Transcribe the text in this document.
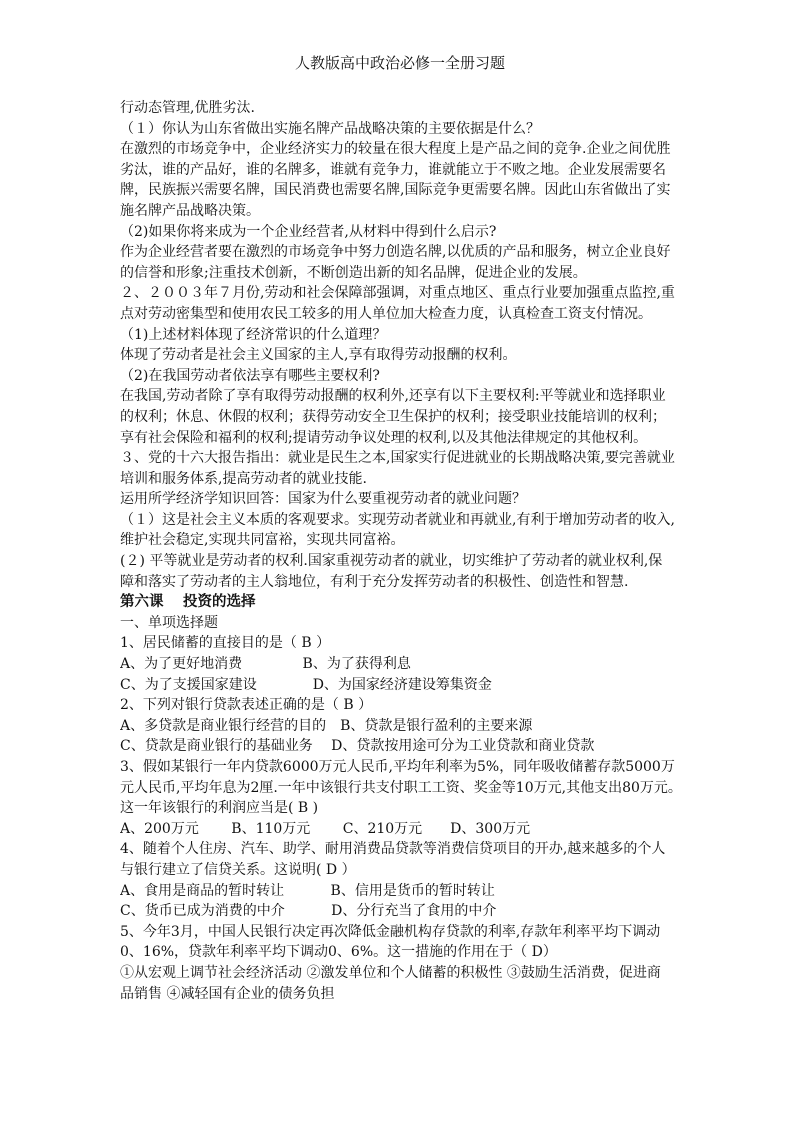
人教版高中政治必修一全册习题
行动态管理,优胜劣汰.
（１）你认为山东省做出实施名牌产品战略决策的主要依据是什么？
在激烈的市场竞争中，企业经济实力的较量在很大程度上是产品之间的竞争.企业之间优胜
劣汰，谁的产品好，谁的名牌多，谁就有竞争力，谁就能立于不败之地。企业发展需要名
牌，民族振兴需要名牌，国民消费也需要名牌,国际竞争更需要名牌。因此山东省做出了实
施名牌产品战略决策。
（2)如果你将来成为一个企业经营者,从材料中得到什么启示?
作为企业经营者要在激烈的市场竞争中努力创造名牌,以优质的产品和服务，树立企业良好
的信誉和形象;注重技术创新，不断创造出新的知名品牌，促进企业的发展。
２、２００３年７月份,劳动和社会保障部强调，对重点地区、重点行业要加强重点监控,重
点对劳动密集型和使用农民工较多的用人单位加大检查力度，认真检查工资支付情况。
（1)上述材料体现了经济常识的什么道理？
体现了劳动者是社会主义国家的主人,享有取得劳动报酬的权利。
（2)在我国劳动者依法享有哪些主要权利?
在我国,劳动者除了享有取得劳动报酬的权利外,还享有以下主要权利:平等就业和选择职业
的权利；休息、休假的权利；获得劳动安全卫生保护的权利；接受职业技能培训的权利；
享有社会保险和福利的权利;提请劳动争议处理的权利,以及其他法律规定的其他权利。
３、党的十六大报告指出：就业是民生之本,国家实行促进就业的长期战略决策,要完善就业
培训和服务体系,提高劳动者的就业技能.
运用所学经济学知识回答：国家为什么要重视劳动者的就业问题？
（１）这是社会主义本质的客观要求。实现劳动者就业和再就业,有利于增加劳动者的收入,
维护社会稳定,实现共同富裕，实现共同富裕。
(２) 平等就业是劳动者的权利.国家重视劳动者的就业，切实维护了劳动者的就业权利,保
障和落实了劳动者的主人翁地位，有利于充分发挥劳动者的积极性、创造性和智慧.
第六课　 投资的选择
一、单项选择题
1、居民储蓄的直接目的是（ B ）
A、为了更好地消费　　　　 B、为了获得利息
C、为了支援国家建设　　　　D、为国家经济建设筹集资金
2、下列对银行贷款表述正确的是（ B ）
A、多贷款是商业银行经营的目的　B、贷款是银行盈利的主要来源
C、贷款是商业银行的基础业务　 D、贷款按用途可分为工业贷款和商业贷款
3、假如某银行一年内贷款6000万元人民币,平均年利率为5%，同年吸收储蓄存款5000万
元人民币,平均年息为2厘.一年中该银行共支付职工工资、奖金等10万元,其他支出80万元。
这一年该银行的利润应当是( B )
A、200万元　　 B、110万元　　 C、210万元　　D、300万元
4、随着个人住房、汽车、助学、耐用消费品贷款等消费信贷项目的开办,越来越多的个人
与银行建立了信贷关系。这说明( D ）
A、食用是商品的暂时转让　　　 B、信用是货币的暂时转让
C、货币已成为消费的中介　　　 D、分行充当了食用的中介
5、今年3月，中国人民银行决定再次降低金融机构存贷款的利率,存款年利率平均下调动
0、16%，贷款年利率平均下调动0、6%。这一措施的作用在于（ D）
①从宏观上调节社会经济活动 ②激发单位和个人储蓄的积极性 ③鼓励生活消费，促进商
品销售 ④减轻国有企业的债务负担
